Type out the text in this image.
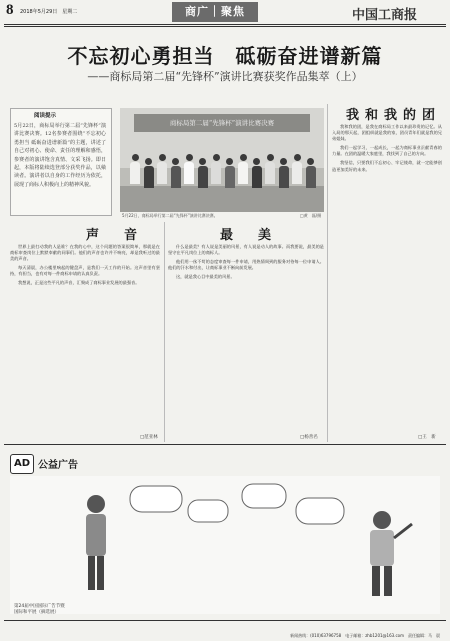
8 2018年5月29日　星期二	商广｜聚焦	中国工商报
不忘初心勇担当　砥砺奋进谱新篇
——商标局第二届“先锋杯”演讲比赛获奖作品集萃（上）
阅读提示
5月22日，商标局举行第二届“先锋杯”演讲比赛决赛。12名参赛者围绕“不忘初心勇担当 砥砺奋进谱新篇”的主题，讲述了自己对初心、使命、责任的理解和感悟，参赛者的演讲饱含真情、文采飞扬。即日起，本版将陆续选登部分获奖作品，以飨读者。演讲者以自身的工作经历为依托，展现了商标人积极向上的精神风貌。
商标局第二届“先锋杯”演讲比赛决赛
5月22日，商标局举行第二届“先锋杯”演讲比赛决赛。	□黄　磊/摄
我和我的团

我和我的团，是我在商标局工作以来最珍贵的记忆。从入局的那天起，团组织就是我的家，团员青年们就是我的兄弟姐妹。

我们一起学习，一起成长，一起为商标事业贡献青春的力量。在团的温暖大家庭里，我找到了自己的方向。

我坚信，只要我们不忘初心、牢记使命，就一定能够创造更加美好的未来。

□王　新
声　音

世界上最打动我的人是谁？在我的心中，这个问题的答案很简单，那就是在商标审查岗位上默默奉献的同事们。他们的声音也许并不响亮，却是我听过的最美的声音。

每天清晨，办公楼里响起的键盘声，是我们一天工作的开始。这声音里有坚持，有担当，也有对每一件商标申请的认真负责。

我想说，正是这些平凡的声音，汇聚成了商标事业发展的最强音。

□范亚林
最　美

什么是最美？有人说是美丽的风景，有人说是动人的故事。而我要说，最美的是坚守在平凡岗位上的商标人。

他们用一丝不苟的态度审查每一件申请，用热情周到的服务对待每一位申请人。他们的汗水和付出，让商标事业不断向前发展。

这，就是我心目中最美的风景。

□杨善名
AD 公益广告
第24届中国国际广告节暨
国际和平展（摘选展）
新闻热线：(010)63796758　电子邮箱：zhb1201@163.com　责任编辑：马　晨
